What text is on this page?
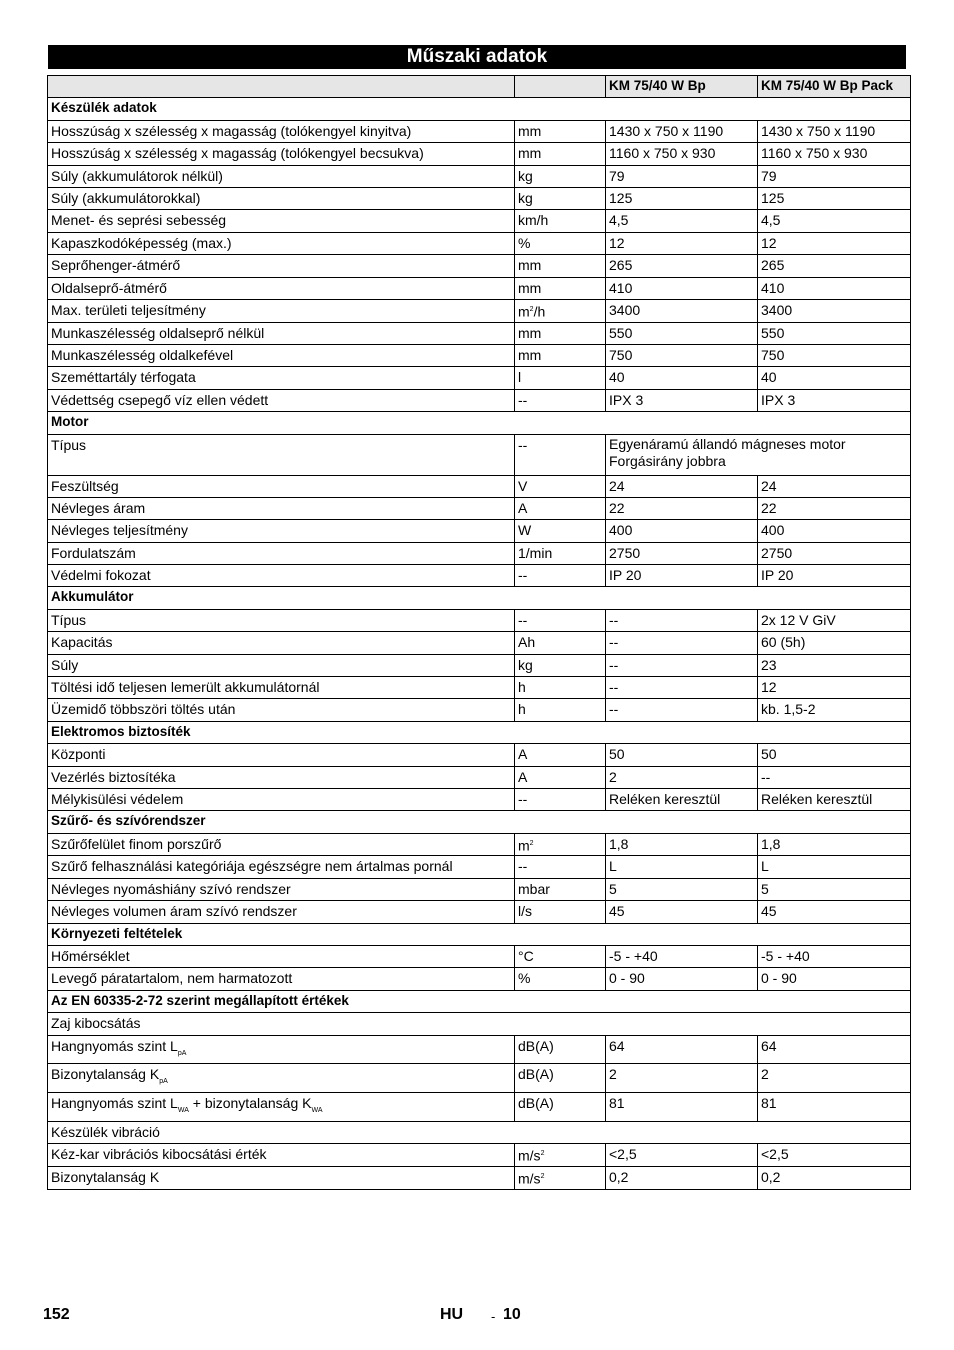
Műszaki adatok
		KM 75/40 W Bp	KM 75/40 W Bp Pack
Készülék adatok			
Hosszúság x szélesség x magasság (tolókengyel kinyitva)	mm	1430 x 750 x 1190	1430 x 750 x 1190
Hosszúság x szélesség x magasság (tolókengyel becsukva)	mm	1160 x 750 x 930	1160 x 750 x 930
Súly (akkumulátorok nélkül)	kg	79	79
Súly (akkumulátorokkal)	kg	125	125
Menet- és seprési sebesség	km/h	4,5	4,5
Kapaszkodóképesség (max.)	%	12	12
Seprőhenger-átmérő	mm	265	265
Oldalseprő-átmérő	mm	410	410
Max. területi teljesítmény	$m^2/h$	3400	3400
Munkaszélesség oldalseprő nélkül	mm	550	550
Munkaszélesség oldalkefével	mm	750	750
Szeméttartály térfogata	l	40	40
Védettség csepegő víz ellen védett	--	IPX 3	IPX 3
Motor			
Típus	--	Egyenáramú állandó mágneses motor Forgásirány jobbra	
Feszültség	V	24	24
Névleges áram	A	22	22
Névleges teljesítmény	W	400	400
Fordulatszám	1/min	2750	2750
Védelmi fokozat	--	IP 20	IP 20
Akkumulátor			
Típus	--	--	2x 12 V GiV
Kapacitás	Ah	--	60 (5h)
Súly	kg	--	23
Töltési idő teljesen lemerült akkumulátornál	h	--	12
Üzemidő többszöri töltés után	h	--	kb. 1,5-2
Elektromos biztosíték			
Központi	A	50	50
Vezérlés biztosítéka	A	2	--
Mélykisülési védelem	--	Reléken keresztül	Reléken keresztül
Szűrő- és szívórendszer			
Szűrőfelület finom porszűrő	$m^2$	1,8	1,8
Szűrő felhasználási kategóriája egészségre nem ártalmas pornál	--	L	L
Névleges nyomáshiány szívó rendszer	mbar	5	5
Névleges volumen áram szívó rendszer	l/s	45	45
Környezeti feltételek			
Hőmérséklet	°C	-5 - +40	-5 - +40
Levegő páratartalom, nem harmatozott	%	0 - 90	0 - 90
Az EN 60335-2-72 szerint megállapított értékek			
Zaj kibocsátás			
Hangnyomás szint $L_{pA}$	dB(A)	64	64
Bizonytalanság $K_{pA}$	dB(A)	2	2
Hangnyomás szint $L_{WA}$ + bizonytalanság $K_{WA}$	dB(A)	81	81
Készülék vibráció			
Kéz-kar vibrációs kibocsátási érték	$m/s^2$	<2,5	<2,5
Bizonytalanság K	$m/s^2$	0,2	0,2
152	HU - 10
